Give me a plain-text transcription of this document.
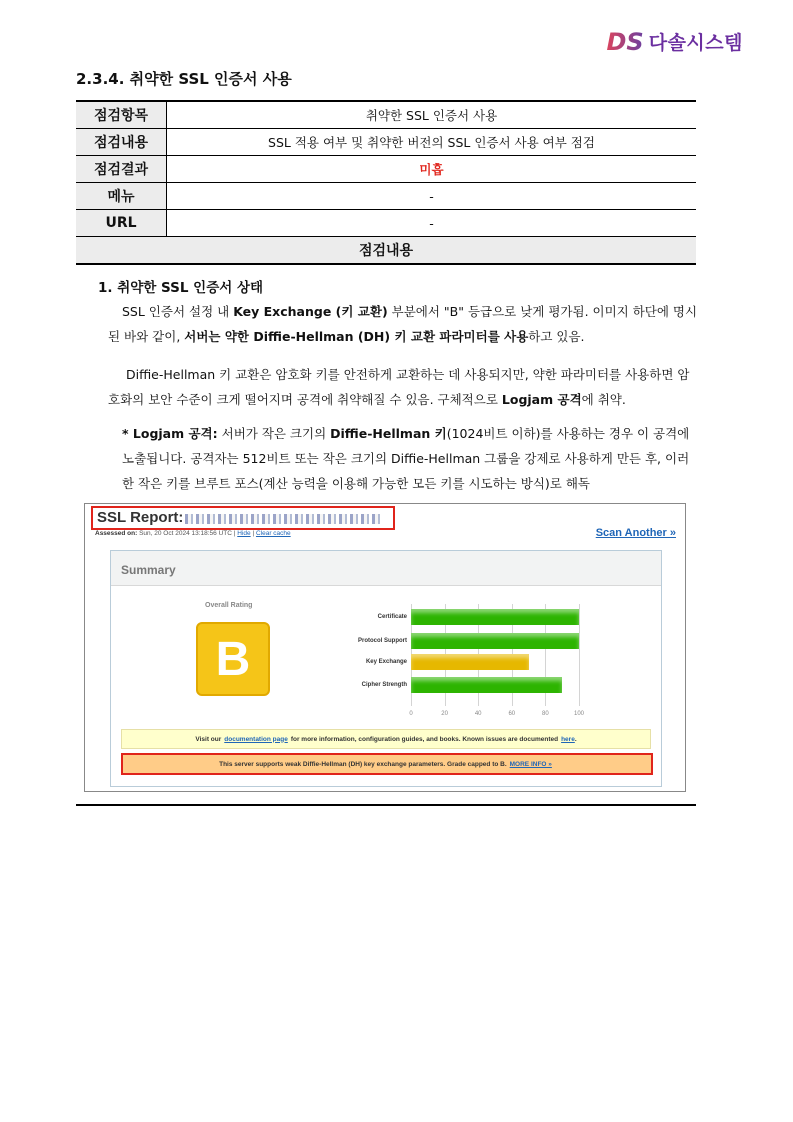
DS 다솔시스템
2.3.4. 취약한 SSL 인증서 사용
점검항목	취약한 SSL 인증서 사용
점검내용	SSL 적용 여부 및 취약한 버전의 SSL 인증서 사용 여부 점검
점검결과	미흡
메뉴	-
URL	-
점검내용	
1. 취약한 SSL 인증서 상태
SSL 인증서 설정 내 Key Exchange (키 교환) 부분에서 "B" 등급으로 낮게 평가됨. 이미지 하단에 명시된 바와 같이, 서버는 약한 Diffie-Hellman (DH) 키 교환 파라미터를 사용하고 있음.
Diffie-Hellman 키 교환은 암호화 키를 안전하게 교환하는 데 사용되지만, 약한 파라미터를 사용하면 암호화의 보안 수준이 크게 떨어지며 공격에 취약해질 수 있음. 구체적으로 Logjam 공격에 취약.
* Logjam 공격: 서버가 작은 크기의 Diffie-Hellman 키(1024비트 이하)를 사용하는 경우 이 공격에 노출됩니다. 공격자는 512비트 또는 작은 크기의 Diffie-Hellman 그룹을 강제로 사용하게 만든 후, 이러한 작은 키를 브루트 포스(계산 능력을 이용해 가능한 모든 키를 시도하는 방식)로 해독
SSL Report:
Assessed on: Sun, 20 Oct 2024 13:18:56 UTC | Hide | Clear cache	Scan Another »
Summary
Overall Rating
B
0	20	40	60	80	100
Certificate
Protocol Support
Key Exchange
Cipher Strength
Visit our documentation page for more information, configuration guides, and books. Known issues are documented here .
This server supports weak Diffie-Hellman (DH) key exchange parameters. Grade capped to B. MORE INFO »
